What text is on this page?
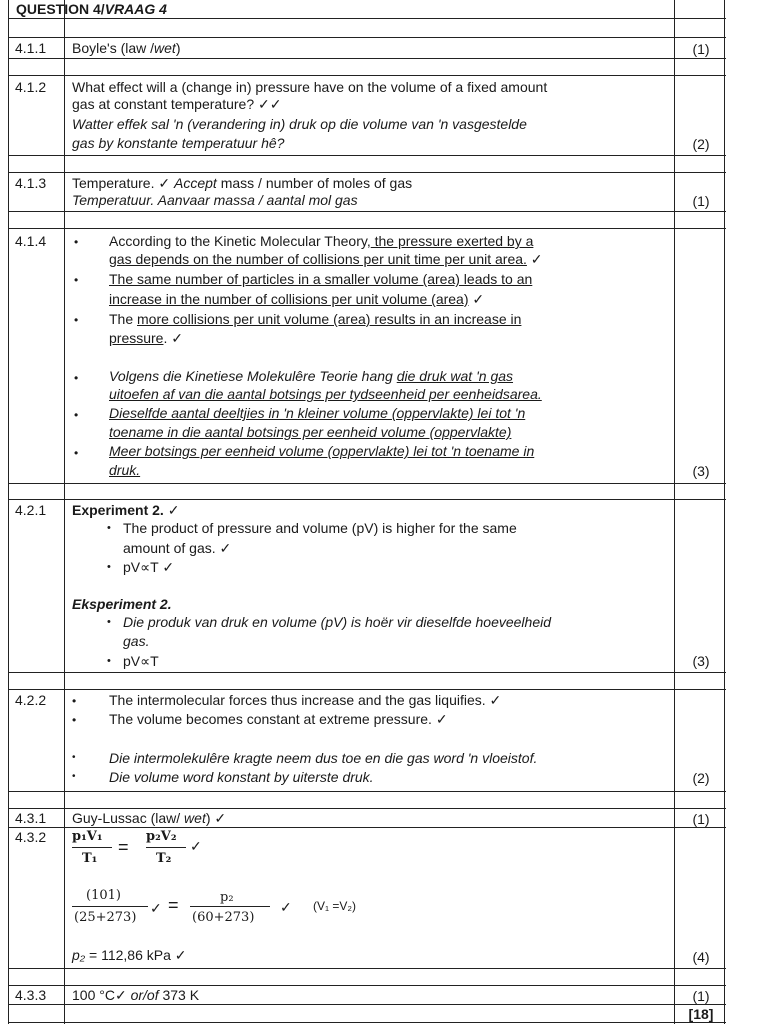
QUESTION 4/VRAAG 4
4.1.1 Boyle's (law /wet)	(1)
4.1.2 What effect will a (change in) pressure have on the volume of a fixed amount
gas at constant temperature? ✓✓
Watter effek sal 'n (verandering in) druk op die volume van 'n vasgestelde
gas by konstante temperatuur hê?	(2)
4.1.3 Temperature. ✓ Accept mass / number of moles of gas
Temperatuur. Aanvaar massa / aantal mol gas	(1)
4.1.4 • According to the Kinetic Molecular Theory, the pressure exerted by a
gas depends on the number of collisions per unit time per unit area. ✓
• The same number of particles in a smaller volume (area) leads to an
increase in the number of collisions per unit volume (area) ✓
• The more collisions per unit volume (area) results in an increase in
pressure. ✓
• Volgens die Kinetiese Molekulêre Teorie hang die druk wat 'n gas
uitoefen af van die aantal botsings per tydseenheid per eenheidsarea.
• Dieselfde aantal deeltjies in 'n kleiner volume (oppervlakte) lei tot 'n
toename in die aantal botsings per eenheid volume (oppervlakte)
• Meer botsings per eenheid volume (oppervlakte) lei tot 'n toename in
druk.	(3)
4.2.1 Experiment 2. ✓
• The product of pressure and volume (pV) is higher for the same
amount of gas. ✓
• pV∝T ✓
Eksperiment 2.
• Die produk van druk en volume (pV) is hoër vir dieselfde hoeveelheid
gas.
• pV∝T	(3)
4.2.2 • The intermolecular forces thus increase and the gas liquifies. ✓
• The volume becomes constant at extreme pressure. ✓
• Die intermolekulêre kragte neem dus toe en die gas word 'n vloeistof.
• Die volume word konstant by uiterste druk.	(2)
4.3.1 Guy-Lussac (law/ wet) ✓	(1)
4.3.2 p₁V₁
T₁
=
p₂V₂
T₂
✓
(101)
(25+273)
✓ =	p₂
(60+273)
✓ (V₁ =V₂)
p₂ = 112,86 kPa ✓	(4)
4.3.3 100 °C✓ or/of 373 K	(1)
[18]
